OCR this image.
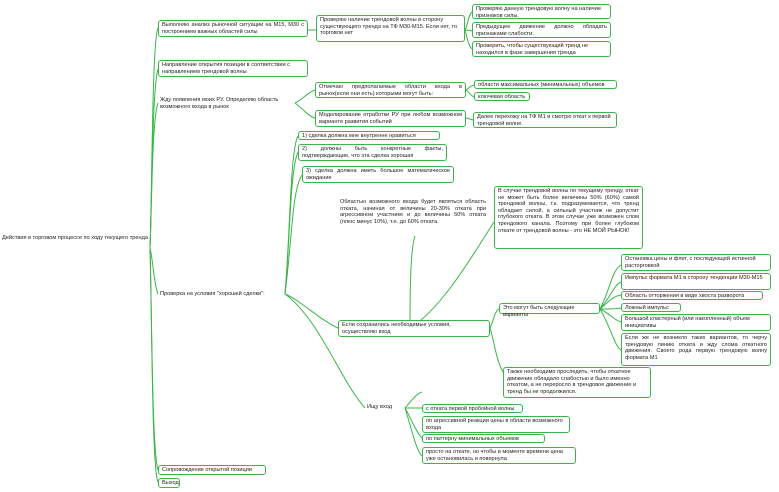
Действия в торговом процессе по ходу текущего тренда
Выполняю анализ рыночной ситуации на М15, М30 с построением важных областей силы
Проверяю наличие трендовой волны в сторону существующего тренда на ТФ М30-М15. Если нет, то торговли нет
Проверяю данную трендовую волну на наличие признаков силы.
Предыдущее движение должно обладать признаками слабости.
Проверить, чтобы существующий тренд не находился в фазе завершения тренда
Направление открытия позиции в соответствии с направлением трендовой волны
Жду появления моих РУ. Определяю область возможного входа в рынок
Отмечаю предполагаемые области входа в рынок(если они есть) которыми могут быть:
области максимальных (минимальных) объемов
ключевая область
Моделирование отработки РУ при любом возможном варианте развития событий
Далее перехожу на ТФ М1 и смотрю откат к первой трендовой волне.
Проверка на условия "хорошей сделки":
1) сделка должна мне внутренне нравиться
2) должны быть конкретные факты, подтверждающие, что эта сделка хорошая
3) сделка должна иметь большое математическое ожидание
Областью возможного входа будет являться область отката, начиная от величины 20-30% отката при агрессивном участнике и до величины 50% отката (плюс минус 10%), т.е. до 60% отката.
В случае трендовой волны по текущему тренду, откат не может быть более величины 50% (60%) самой трендовой волны, т.к. подразумевается, что тренд обладает силой, а сильный участник не допустит глубокого отката. В этом случае уже возможен слом трендового канала. Поэтому при более глубоком откате от трендовой волны - это НЕ МОЙ РЫНОК!
Если сохранились необходимые условия, осуществляю вход
Это могут быть следующие варианты
Остановка цены и флет, с последующей истинной расторговкой
Импульс формата М1 в сторону тенденции М30-М15
Область отторжения в виде хвоста разворота
Ложный импульс
Большой кластерный (или накопленный) объем инициативы
Если же не возникло таких вариантов, то черчу трендовую линию отката и жду слома откатного движения. Своего рода первую трендовую волну формата М1
Также необходимо проследить, чтобы откатное движение обладало слабостью и было именно откатом, а не переросло в трендовое движение и тренд бы не продолжился.
Ищу вход	с отката первой пробойной волны
по агрессивной реакции цены в области возможного входа
по паттерну минимальных объемов
просто на откате, но чтобы в моменте времени цена уже остановилась и повернула
Сопровождение открытой позиции
Выход
